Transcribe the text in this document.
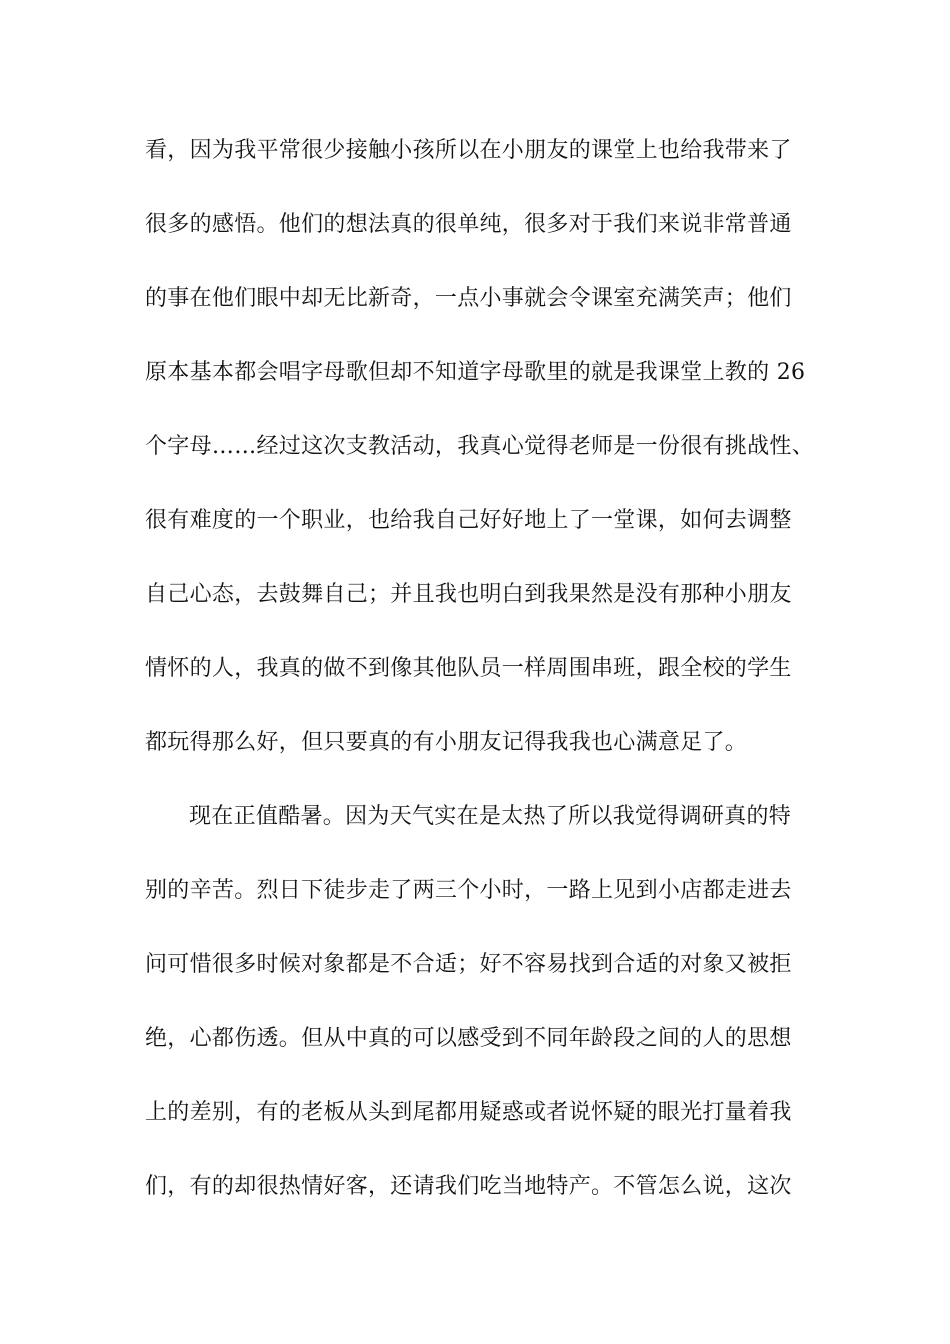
看，因为我平常很少接触小孩所以在小朋友的课堂上也给我带来了
很多的感悟。他们的想法真的很单纯，很多对于我们来说非常普通
的事在他们眼中却无比新奇，一点小事就会令课室充满笑声；他们
原本基本都会唱字母歌但却不知道字母歌里的就是我课堂上教的 26
个字母……经过这次支教活动，我真心觉得老师是一份很有挑战性、
很有难度的一个职业，也给我自己好好地上了一堂课，如何去调整
自己心态，去鼓舞自己；并且我也明白到我果然是没有那种小朋友
情怀的人，我真的做不到像其他队员一样周围串班，跟全校的学生
都玩得那么好，但只要真的有小朋友记得我我也心满意足了。
现在正值酷暑。因为天气实在是太热了所以我觉得调研真的特
别的辛苦。烈日下徒步走了两三个小时，一路上见到小店都走进去
问可惜很多时候对象都是不合适；好不容易找到合适的对象又被拒
绝，心都伤透。但从中真的可以感受到不同年龄段之间的人的思想
上的差别，有的老板从头到尾都用疑惑或者说怀疑的眼光打量着我
们，有的却很热情好客，还请我们吃当地特产。不管怎么说，这次
